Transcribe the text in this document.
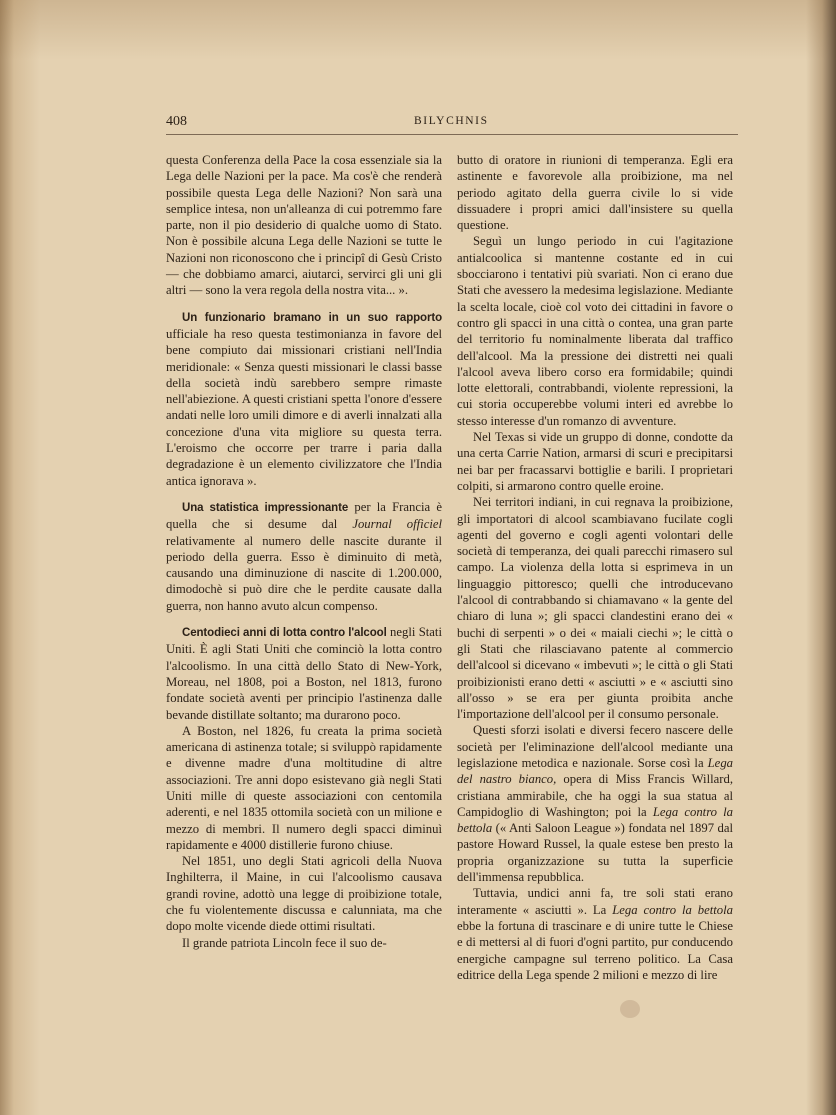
408	BILYCHNIS

questa Conferenza della Pace la cosa essenziale sia la Lega delle Nazioni per la pace. Ma cos'è che renderà possibile questa Lega delle Nazioni? Non sarà una semplice intesa, non un'alleanza di cui potremmo fare parte, non il pio desiderio di qualche uomo di Stato. Non è possibile alcuna Lega delle Nazioni se tutte le Nazioni non riconoscono che i principî di Gesù Cristo — che dobbiamo amarci, aiutarci, servirci gli uni gli altri — sono la vera regola della nostra vita... ».

Un funzionario bramano in un suo rapporto ufficiale ha reso questa testimonianza in favore del bene compiuto dai missionari cristiani nell'India meridionale: « Senza questi missionari le classi basse della società indù sarebbero sempre rimaste nell'abiezione. A questi cristiani spetta l'onore d'essere andati nelle loro umili dimore e di averli innalzati alla concezione d'una vita migliore su questa terra. L'eroismo che occorre per trarre i paria dalla degradazione è un elemento civilizzatore che l'India antica ignorava ».

Una statistica impressionante per la Francia è quella che si desume dal Journal officiel relativamente al numero delle nascite durante il periodo della guerra. Esso è diminuito di metà, causando una diminuzione di nascite di 1.200.000, dimodochè si può dire che le perdite causate dalla guerra, non hanno avuto alcun compenso.

Centodieci anni di lotta contro l'alcool negli Stati Uniti. È agli Stati Uniti che cominciò la lotta contro l'alcoolismo. In una città dello Stato di New-York, Moreau, nel 1808, poi a Boston, nel 1813, furono fondate società aventi per principio l'astinenza dalle bevande distillate soltanto; ma durarono poco.

A Boston, nel 1826, fu creata la prima società americana di astinenza totale; si sviluppò rapidamente e divenne madre d'una moltitudine di altre associazioni. Tre anni dopo esistevano già negli Stati Uniti mille di queste associazioni con centomila aderenti, e nel 1835 ottomila società con un milione e mezzo di membri. Il numero degli spacci diminuì rapidamente e 4000 distillerie furono chiuse.

Nel 1851, uno degli Stati agricoli della Nuova Inghilterra, il Maine, in cui l'alcoolismo causava grandi rovine, adottò una legge di proibizione totale, che fu violentemente discussa e calunniata, ma che dopo molte vicende diede ottimi risultati.

Il grande patriota Lincoln fece il suo de-

butto di oratore in riunioni di temperanza. Egli era astinente e favorevole alla proibizione, ma nel periodo agitato della guerra civile lo si vide dissuadere i propri amici dall'insistere su quella questione.

Seguì un lungo periodo in cui l'agitazione antialcoolica si mantenne costante ed in cui sbocciarono i tentativi più svariati. Non ci erano due Stati che avessero la medesima legislazione. Mediante la scelta locale, cioè col voto dei cittadini in favore o contro gli spacci in una città o contea, una gran parte del territorio fu nominalmente liberata dal traffico dell'alcool. Ma la pressione dei distretti nei quali l'alcool aveva libero corso era formidabile; quindi lotte elettorali, contrabbandi, violente repressioni, la cui storia occuperebbe volumi interi ed avrebbe lo stesso interesse d'un romanzo di avventure.

Nel Texas si vide un gruppo di donne, condotte da una certa Carrie Nation, armarsi di scuri e precipitarsi nei bar per fracassarvi bottiglie e barili. I proprietari colpiti, si armarono contro quelle eroine.

Nei territori indiani, in cui regnava la proibizione, gli importatori di alcool scambiavano fucilate cogli agenti del governo e cogli agenti volontari delle società di temperanza, dei quali parecchi rimasero sul campo. La violenza della lotta si esprimeva in un linguaggio pittoresco; quelli che introducevano l'alcool di contrabbando si chiamavano « la gente del chiaro di luna »; gli spacci clandestini erano dei « buchi di serpenti » o dei « maiali ciechi »; le città o gli Stati che rilasciavano patente al commercio dell'alcool si dicevano « imbevuti »; le città o gli Stati proibizionisti erano detti « asciutti » e « asciutti sino all'osso » se era per giunta proibita anche l'importazione dell'alcool per il consumo personale.

Questi sforzi isolati e diversi fecero nascere delle società per l'eliminazione dell'alcool mediante una legislazione metodica e nazionale. Sorse così la Lega del nastro bianco, opera di Miss Francis Willard, cristiana ammirabile, che ha oggi la sua statua al Campidoglio di Washington; poi la Lega contro la bettola (« Anti Saloon League ») fondata nel 1897 dal pastore Howard Russel, la quale estese ben presto la propria organizzazione su tutta la superficie dell'immensa repubblica.

Tuttavia, undici anni fa, tre soli stati erano interamente « asciutti ». La Lega contro la bettola ebbe la fortuna di trascinare e di unire tutte le Chiese e di mettersi al di fuori d'ogni partito, pur conducendo energiche campagne sul terreno politico. La Casa editrice della Lega spende 2 milioni e mezzo di lire
